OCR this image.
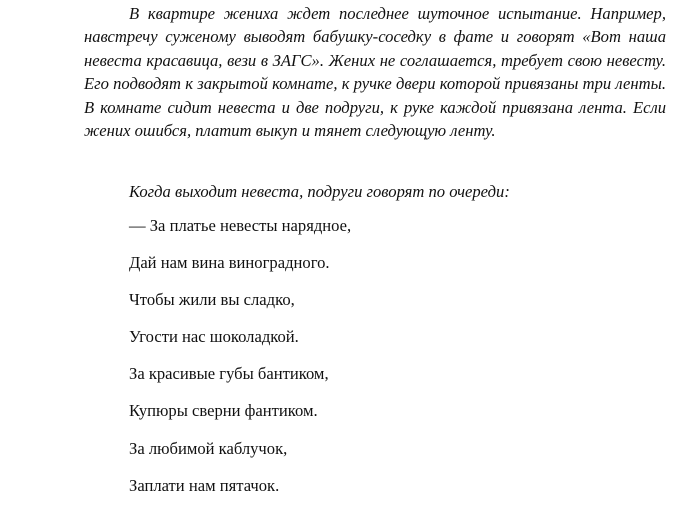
В квартире жениха ждет последнее шуточное испытание. Например, навстречу суженому выводят бабушку-соседку в фате и говорят «Вот наша невеста красавица, вези в ЗАГС». Жених не соглашается, требует свою невесту. Его подводят к закрытой комнате, к ручке двери которой привязаны три ленты. В комнате сидит невеста и две подруги, к руке каждой привязана лента. Если жених ошибся, платит выкуп и тянет следующую ленту.

Когда выходит невеста, подруги говорят по очереди:

— За платье невесты нарядное,
Дай нам вина виноградного.
Чтобы жили вы сладко,
Угости нас шоколадкой.
За красивые губы бантиком,
Купюры сверни фантиком.
За любимой каблучок,
Заплати нам пятачок.
